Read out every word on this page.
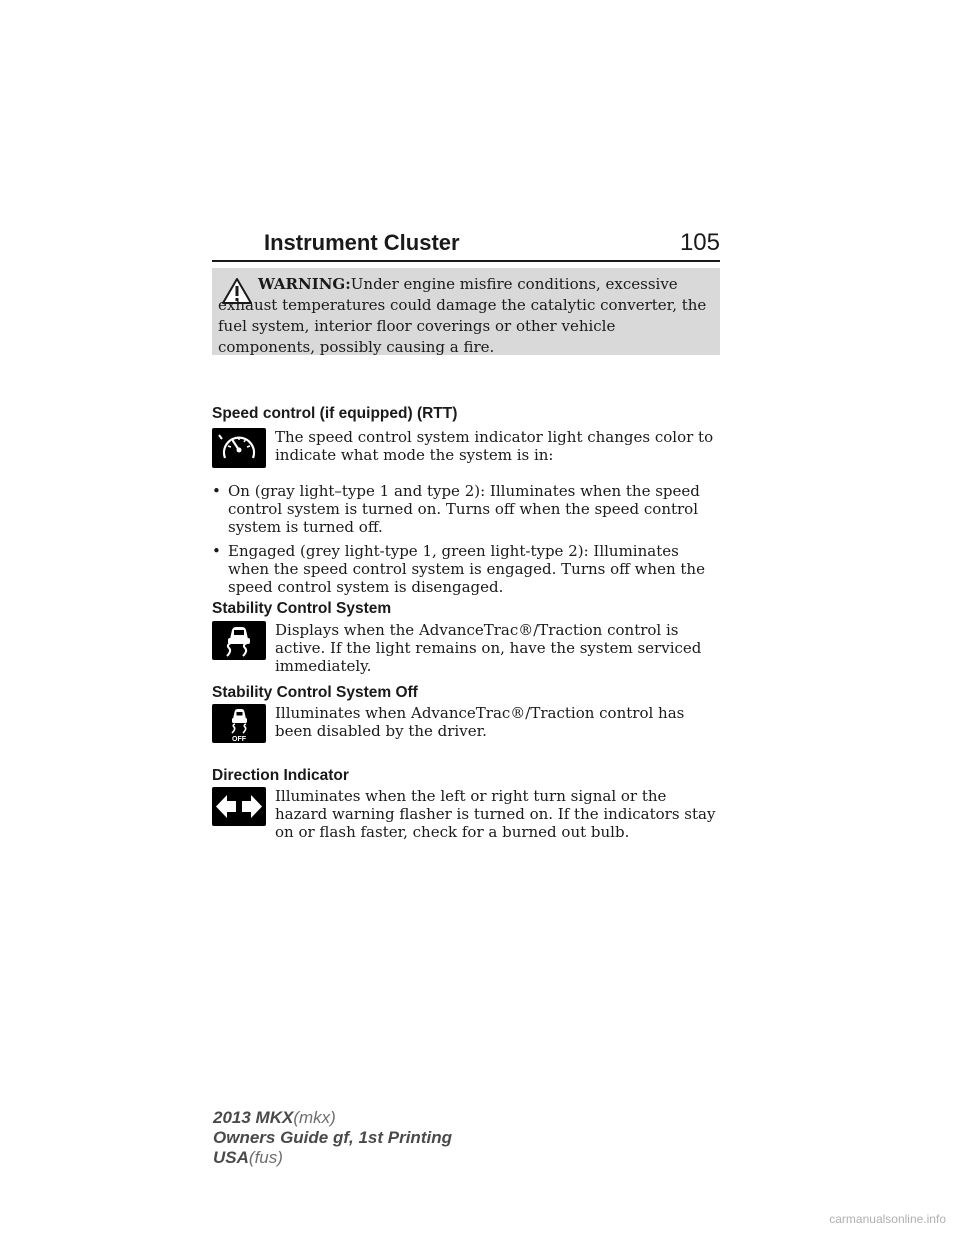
Instrument Cluster	105
WARNING:Under engine misfire conditions, excessive exhaust temperatures could damage the catalytic converter, the fuel system, interior floor coverings or other vehicle components, possibly causing a fire.
Speed control (if equipped) (RTT)
The speed control system indicator light changes color to indicate what mode the system is in:
• On (gray light–type 1 and type 2): Illuminates when the speed control system is turned on. Turns off when the speed control system is turned off.
• Engaged (grey light-type 1, green light-type 2): Illuminates when the speed control system is engaged. Turns off when the speed control system is disengaged.
Stability Control System
Displays when the AdvanceTrac®/Traction control is active. If the light remains on, have the system serviced immediately.
Stability Control System Off
OFF
Illuminates when AdvanceTrac®/Traction control has been disabled by the driver.
Direction Indicator
Illuminates when the left or right turn signal or the hazard warning flasher is turned on. If the indicators stay on or flash faster, check for a burned out bulb.
2013 MKX(mkx)
Owners Guide gf, 1st Printing
USA(fus)
carmanualsonline.info
